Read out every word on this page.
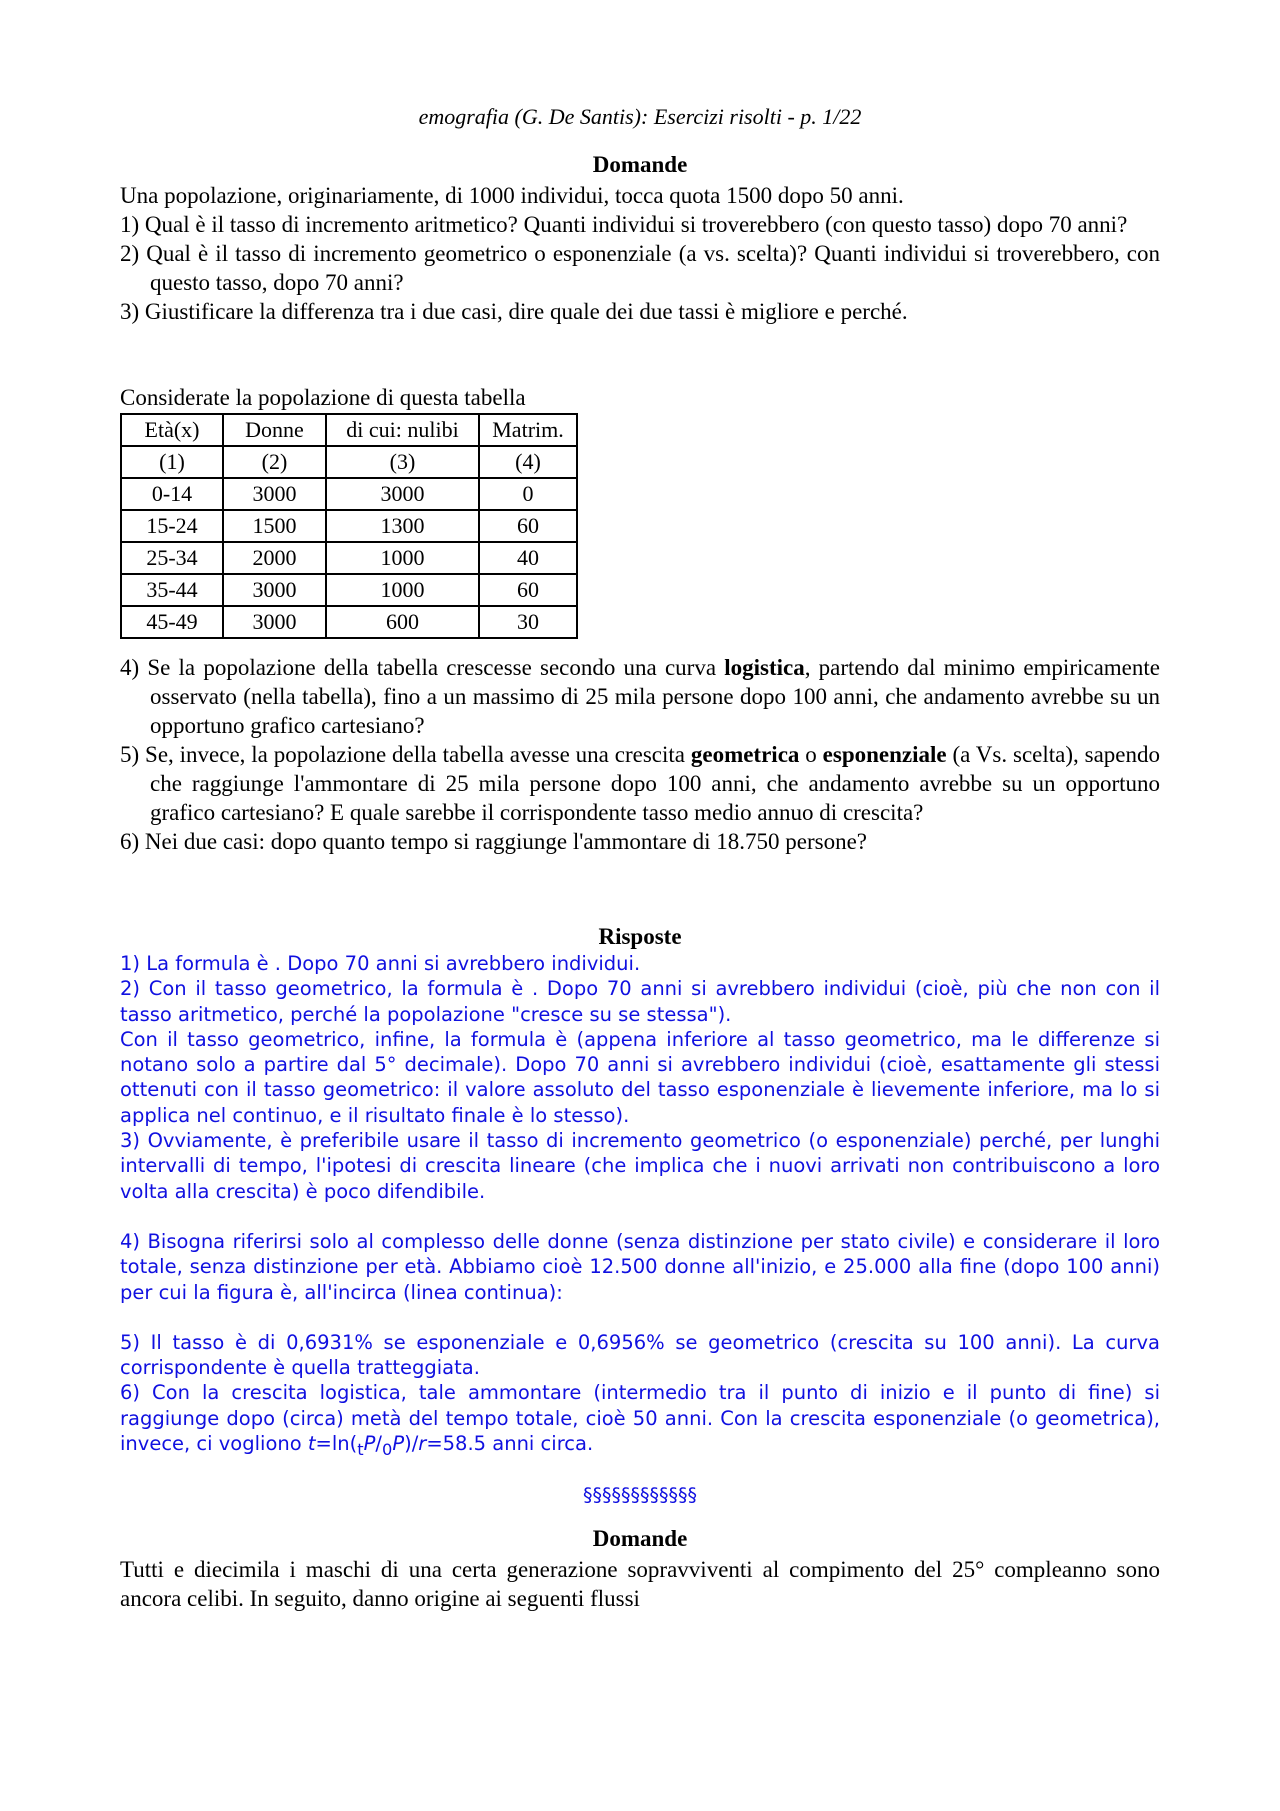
emografia (G. De Santis): Esercizi risolti - p. 1/22
Domande

Una popolazione, originariamente, di 1000 individui, tocca quota 1500 dopo 50 anni.

1) Qual è il tasso di incremento aritmetico? Quanti individui si troverebbero (con questo tasso) dopo 70 anni?

2) Qual è il tasso di incremento geometrico o esponenziale (a vs. scelta)? Quanti individui si troverebbero, con questo tasso, dopo 70 anni?

3) Giustificare la differenza tra i due casi, dire quale dei due tassi è migliore e perché.

Considerate la popolazione di questa tabella
Età(x)	Donne	di cui: nulibi	Matrim.
(1)	(2)	(3)	(4)
0-14	3000	3000	0
15-24	1500	1300	60
25-34	2000	1000	40
35-44	3000	1000	60
45-49	3000	600	30

4) Se la popolazione della tabella crescesse secondo una curva logistica, partendo dal minimo empiricamente osservato (nella tabella), fino a un massimo di 25 mila persone dopo 100 anni, che andamento avrebbe su un opportuno grafico cartesiano?

5) Se, invece, la popolazione della tabella avesse una crescita geometrica o esponenziale (a Vs. scelta), sapendo che raggiunge l'ammontare di 25 mila persone dopo 100 anni, che andamento avrebbe su un opportuno grafico cartesiano? E quale sarebbe il corrispondente tasso medio annuo di crescita?

6) Nei due casi: dopo quanto tempo si raggiunge l'ammontare di 18.750 persone?

Risposte

1) La formula è . Dopo 70 anni si avrebbero individui.

2) Con il tasso geometrico, la formula è . Dopo 70 anni si avrebbero individui (cioè, più che non con il tasso aritmetico, perché la popolazione "cresce su se stessa").

Con il tasso geometrico, infine, la formula è (appena inferiore al tasso geometrico, ma le differenze si notano solo a partire dal 5° decimale). Dopo 70 anni si avrebbero individui (cioè, esattamente gli stessi ottenuti con il tasso geometrico: il valore assoluto del tasso esponenziale è lievemente inferiore, ma lo si applica nel continuo, e il risultato finale è lo stesso).

3) Ovviamente, è preferibile usare il tasso di incremento geometrico (o esponenziale) perché, per lunghi intervalli di tempo, l'ipotesi di crescita lineare (che implica che i nuovi arrivati non contribuiscono a loro volta alla crescita) è poco difendibile.

4) Bisogna riferirsi solo al complesso delle donne (senza distinzione per stato civile) e considerare il loro totale, senza distinzione per età. Abbiamo cioè 12.500 donne all'inizio, e 25.000 alla fine (dopo 100 anni) per cui la figura è, all'incirca (linea continua):

5) Il tasso è di 0,6931% se esponenziale e 0,6956% se geometrico (crescita su 100 anni). La curva corrispondente è quella tratteggiata.

6) Con la crescita logistica, tale ammontare (intermedio tra il punto di inizio e il punto di fine) si raggiunge dopo (circa) metà del tempo totale, cioè 50 anni. Con la crescita esponenziale (o geometrica), invece, ci vogliono $t=\ln(_tP/_0P)/r=58.5$ anni circa.

§§§§§§§§§§§§
Domande

Tutti e diecimila i maschi di una certa generazione sopravviventi al compimento del 25° compleanno sono ancora celibi. In seguito, danno origine ai seguenti flussi
